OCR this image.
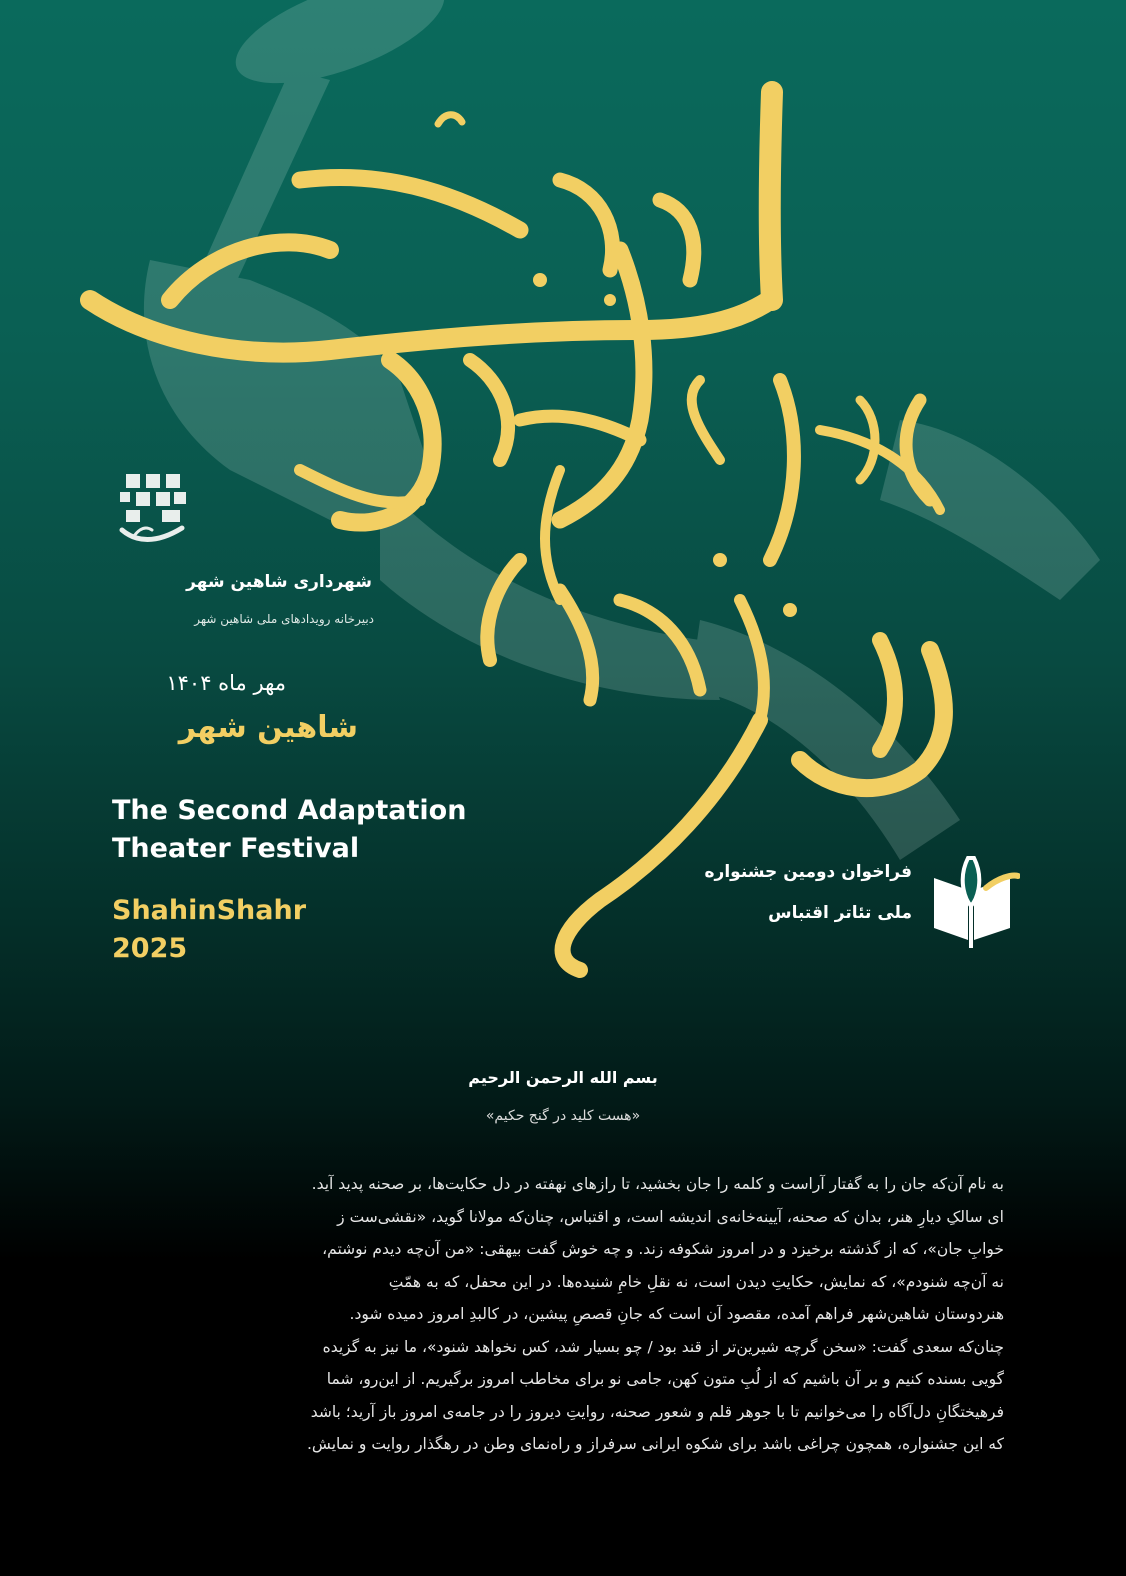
شهرداری شاهین شهر
دبیرخانه رویدادهای ملی شاهین شهر
مهر ماه ۱۴۰۴
شاهین شهر
The Second Adaptation
Theater Festival
ShahinShahr
2025
فراخوان دومین جشنواره
ملی تئاتر اقتباس
بسم الله الرحمن الرحیم
«هست کلید در گنج حکیم»
به نام آن‌که جان را به گفتار آراست و کلمه را جان بخشید، تا رازهای نهفته در دل حکایت‌ها، بر صحنه پدید آید.
ای سالکِ دیارِ هنر، بدان که صحنه، آیینه‌خانه‌ی اندیشه است، و اقتباس، چنان‌که مولانا گوید، «نقشی‌ست ز
خوابِ جان»، که از گذشته برخیزد و در امروز شکوفه زند. و چه خوش گفت بیهقی: «من آن‌چه دیدم نوشتم،
نه آن‌چه شنودم»، که نمایش، حکایتِ دیدن است، نه نقلِ خامِ شنیده‌ها. در این محفل، که به همّتِ
هنردوستان شاهین‌شهر فراهم آمده، مقصود آن است که جانِ قصصِ پیشین، در کالبدِ امروز دمیده شود.
چنان‌که سعدی گفت: «سخن گرچه شیرین‌تر از قند بود / چو بسیار شد، کس نخواهد شنود»، ما نیز به گزیده
گویی بسنده کنیم و بر آن باشیم که از لُبِ متون کهن، جامی نو برای مخاطب امروز برگیریم. از این‌رو، شما
فرهیختگانِ دل‌آگاه را می‌خوانیم تا با جوهر قلم و شعور صحنه، روایتِ دیروز را در جامه‌ی امروز باز آرید؛ باشد
که این جشنواره، همچون چراغی باشد برای شکوه ایرانی سرفراز و راه‌نمای وطن در رهگذار روایت و نمایش.
